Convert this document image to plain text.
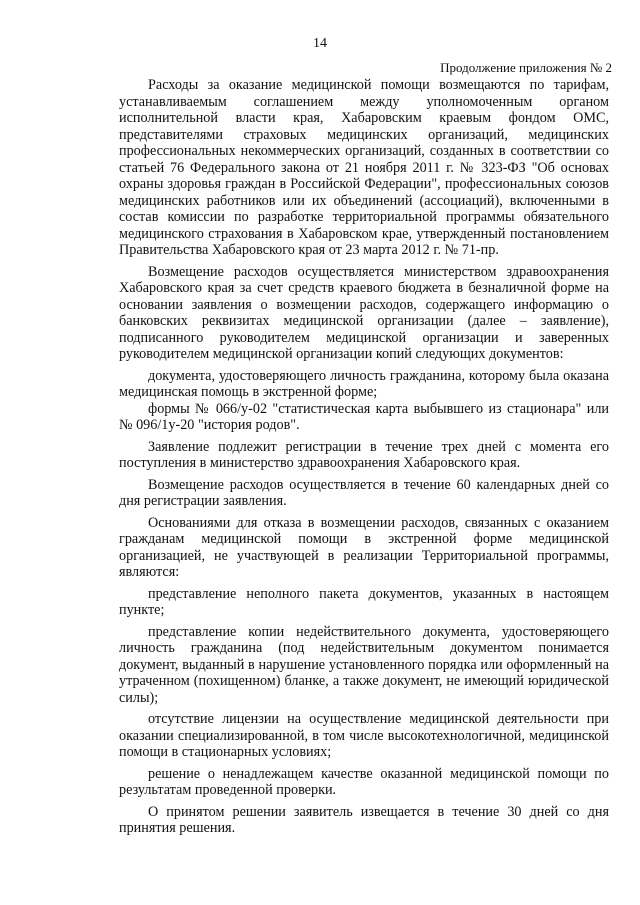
14
Продолжение приложения № 2

Расходы за оказание медицинской помощи возмещаются по тарифам, устанавливаемым соглашением между уполномоченным органом исполнительной власти края, Хабаровским краевым фондом ОМС, представителями страховых медицинских организаций, медицинских профессиональных некоммерческих организаций, созданных в соответствии со статьей 76 Федерального закона от 21 ноября 2011 г. № 323-ФЗ "Об основах охраны здоровья граждан в Российской Федерации", профессиональных союзов медицинских работников или их объединений (ассоциаций), включенными в состав комиссии по разработке территориальной программы обязательного медицинского страхования в Хабаровском крае, утвержденный постановлением Правительства Хабаровского края от 23 марта 2012 г. № 71-пр.

Возмещение расходов осуществляется министерством здравоохранения Хабаровского края за счет средств краевого бюджета в безналичной форме на основании заявления о возмещении расходов, содержащего информацию о банковских реквизитах медицинской организации (далее – заявление), подписанного руководителем медицинской организации и заверенных руководителем медицинской организации копий следующих документов:

документа, удостоверяющего личность гражданина, которому была оказана медицинская помощь в экстренной форме;

формы № 066/у-02 "статистическая карта выбывшего из стационара" или № 096/1у-20 "история родов".

Заявление подлежит регистрации в течение трех дней с момента его поступления в министерство здравоохранения Хабаровского края.

Возмещение расходов осуществляется в течение 60 календарных дней со дня регистрации заявления.

Основаниями для отказа в возмещении расходов, связанных с оказанием гражданам медицинской помощи в экстренной форме медицинской организацией, не участвующей в реализации Территориальной программы, являются:

представление неполного пакета документов, указанных в настоящем пункте;

представление копии недействительного документа, удостоверяющего личность гражданина (под недействительным документом понимается документ, выданный в нарушение установленного порядка или оформленный на утраченном (похищенном) бланке, а также документ, не имеющий юридической силы);

отсутствие лицензии на осуществление медицинской деятельности при оказании специализированной, в том числе высокотехнологичной, медицинской помощи в стационарных условиях;

решение о ненадлежащем качестве оказанной медицинской помощи по результатам проведенной проверки.

О принятом решении заявитель извещается в течение 30 дней со дня принятия решения.
